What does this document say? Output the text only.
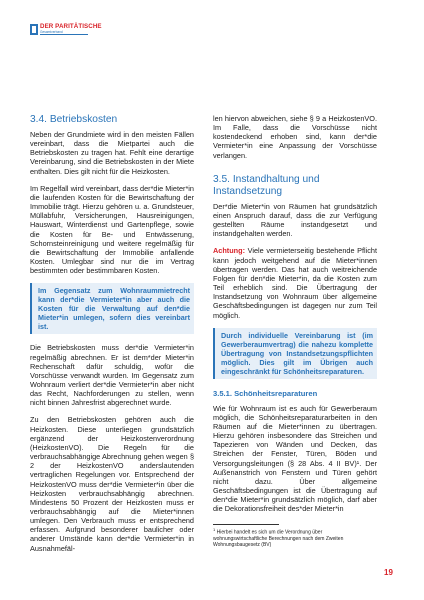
DER PARITÄTISCHE
Gesamtverband
3.4. Betriebskosten

Neben der Grundmiete wird in den meisten Fällen vereinbart, dass die Mietpartei auch die Betriebskosten zu tragen hat. Fehlt eine derartige Vereinbarung, sind die Betriebskosten in der Miete enthalten. Dies gilt nicht für die Heizkosten.

Im Regelfall wird vereinbart, dass der*die Mieter*in die laufenden Kosten für die Bewirtschaftung der Immobilie trägt. Hierzu gehören u. a. Grundsteuer, Müllabfuhr, Versicherungen, Hausreinigungen, Hauswart, Winterdienst und Gartenpflege, sowie die Kosten für Be- und Entwässerung, Schornsteinreinigung und weitere regelmäßig für die Bewirtschaftung der Immobilie anfallende Kosten. Umlegbar sind nur die im Vertrag bestimmten oder bestimmbaren Kosten.

Im Gegensatz zum Wohnraummietrecht kann der*die Vermieter*in aber auch die Kosten für die Verwaltung auf den*die Mieter*in umlegen, sofern dies vereinbart ist.

Die Betriebskosten muss der*die Vermieter*in regelmäßig abrechnen. Er ist dem*der Mieter*in Rechenschaft dafür schuldig, wofür die Vorschüsse verwandt wurden. Im Gegensatz zum Wohnraum verliert der*die Vermieter*in aber nicht das Recht, Nachforderungen zu stellen, wenn nicht binnen Jahresfrist abgerechnet wurde.

Zu den Betriebskosten gehören auch die Heizkosten. Diese unterliegen grundsätzlich ergänzend der Heizkostenverordnung (HeizkostenVO). Die Regeln für die verbrauchsabhängige Abrechnung gehen wegen § 2 der HeizkostenVO anderslautenden vertraglichen Regelungen vor. Entsprechend der HeizkostenVO muss der*die Vermieter*in über die Heizkosten verbrauchsabhängig abrechnen. Mindestens 50 Prozent der Heizkosten muss er verbrauchsabhängig auf die Mieter*innen umlegen. Den Verbrauch muss er entsprechend erfassen. Aufgrund besonderer baulicher oder anderer Umstände kann der*die Vermieter*in in Ausnahmefäl-

len hiervon abweichen, siehe § 9 a HeizkostenVO. Im Falle, dass die Vorschüsse nicht kostendeckend erhoben sind, kann der*die Vermieter*in eine Anpassung der Vorschüsse verlangen.

3.5. Instandhaltung und Instandsetzung

Der*die Mieter*in von Räumen hat grundsätzlich einen Anspruch darauf, dass die zur Verfügung gestellten Räume instandgesetzt und instandgehalten werden.

Achtung: Viele vermieterseitig bestehende Pflicht kann jedoch weitgehend auf die Mieter*innen übertragen werden. Das hat auch weitreichende Folgen für den*die Mieter*in, da die Kosten zum Teil erheblich sind. Die Übertragung der Instandsetzung von Wohnraum über allgemeine Geschäftsbedingungen ist dagegen nur zum Teil möglich.

Durch individuelle Vereinbarung ist (im Gewerberaumvertrag) die nahezu komplette Übertragung von Instandsetzungspflichten möglich. Dies gilt im Übrigen auch eingeschränkt für Schönheitsreparaturen.
3.5.1. Schönheitsreparaturen

Wie für Wohnraum ist es auch für Gewerberaum möglich, die Schönheitsreparaturarbeiten in den Räumen auf die Mieter*innen zu übertragen. Hierzu gehören insbesondere das Streichen und Tapezieren von Wänden und Decken, das Streichen der Fenster, Türen, Böden und Versorgungsleitungen (§ 28 Abs. 4 II BV)¹. Der Außenanstrich von Fenstern und Türen gehört nicht dazu. Über allgemeine Geschäftsbedingungen ist die Übertragung auf den*die Mieter*in grundsätzlich möglich, darf aber die Dekorationsfreiheit des*der Mieter*in

$^1$ Hierbei handelt es sich um die Verordnung über wohnungswirtschaftliche Berechnungen nach dem Zweiten Wohnungsbaugesetz (BV)
19
